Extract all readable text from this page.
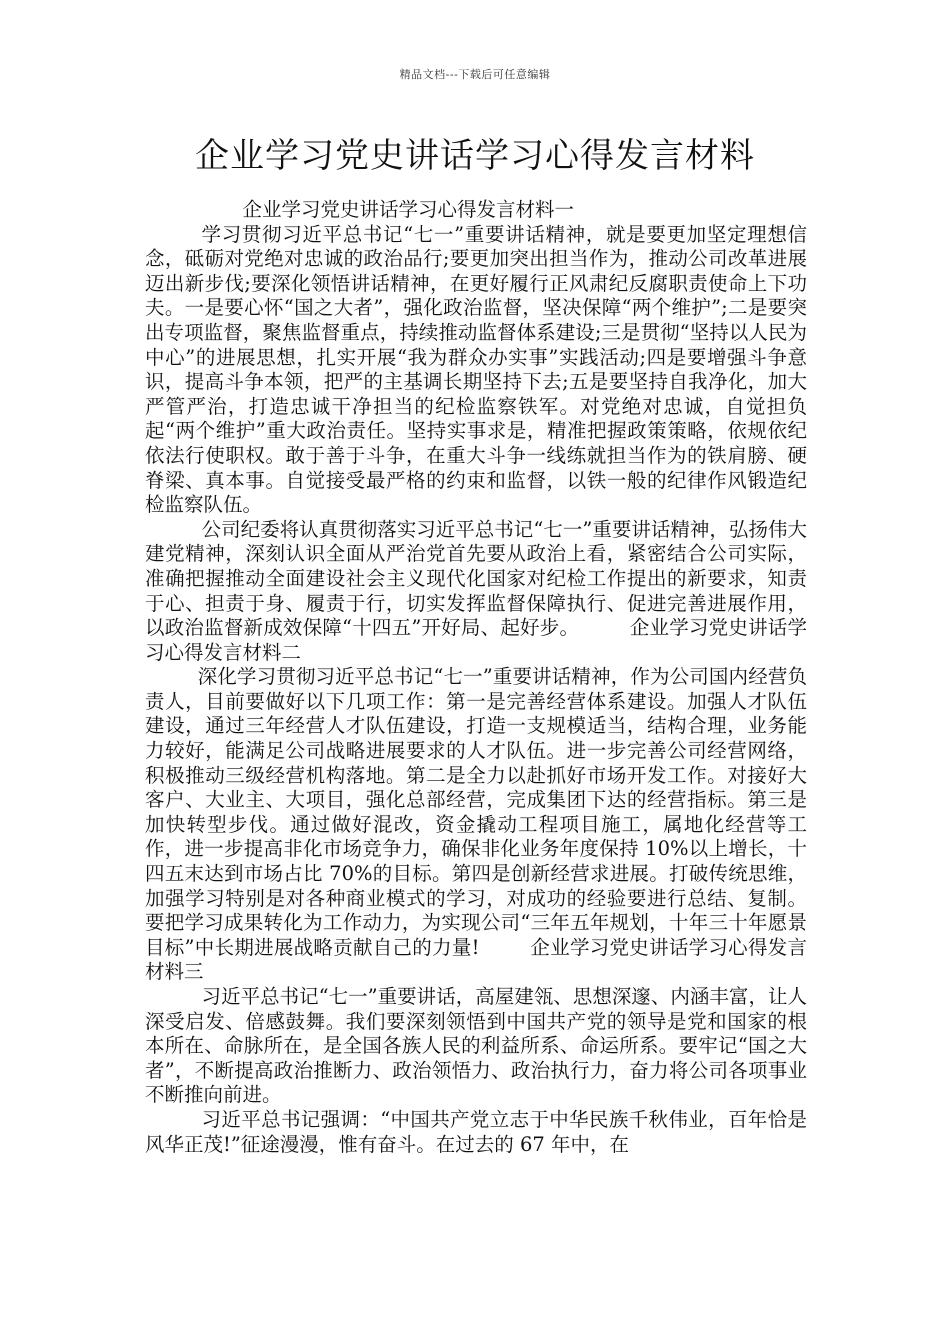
精品文档---下载后可任意编辑
企业学习党史讲话学习心得发言材料

企业学习党史讲话学习心得发言材料一

学习贯彻习近平总书记“七一”重要讲话精神，就是要更加坚定理想信念，砥砺对党绝对忠诚的政治品行;要更加突出担当作为，推动公司改革进展迈出新步伐;要深化领悟讲话精神，在更好履行正风肃纪反腐职责使命上下功夫。一是要心怀“国之大者”，强化政治监督，坚决保障“两个维护”;二是要突出专项监督，聚焦监督重点，持续推动监督体系建设;三是贯彻“坚持以人民为中心”的进展思想，扎实开展“我为群众办实事”实践活动;四是要增强斗争意识，提高斗争本领，把严的主基调长期坚持下去;五是要坚持自我净化，加大严管严治，打造忠诚干净担当的纪检监察铁军。对党绝对忠诚，自觉担负起“两个维护”重大政治责任。坚持实事求是，精准把握政策策略，依规依纪依法行使职权。敢于善于斗争，在重大斗争一线练就担当作为的铁肩膀、硬脊梁、真本事。自觉接受最严格的约束和监督，以铁一般的纪律作风锻造纪检监察队伍。

公司纪委将认真贯彻落实习近平总书记“七一”重要讲话精神，弘扬伟大建党精神，深刻认识全面从严治党首先要从政治上看，紧密结合公司实际，准确把握推动全面建设社会主义现代化国家对纪检工作提出的新要求，知责于心、担责于身、履责于行，切实发挥监督保障执行、促进完善进展作用，以政治监督新成效保障“十四五”开好局、起好步。	企业学习党史讲话学习心得发言材料二

深化学习贯彻习近平总书记“七一”重要讲话精神，作为公司国内经营负责人，目前要做好以下几项工作：第一是完善经营体系建设。加强人才队伍建设，通过三年经营人才队伍建设，打造一支规模适当，结构合理，业务能力较好，能满足公司战略进展要求的人才队伍。进一步完善公司经营网络，积极推动三级经营机构落地。第二是全力以赴抓好市场开发工作。对接好大客户、大业主、大项目，强化总部经营，完成集团下达的经营指标。第三是加快转型步伐。通过做好混改，资金撬动工程项目施工，属地化经营等工作，进一步提高非化市场竞争力，确保非化业务年度保持 10%以上增长，十四五末达到市场占比 70%的目标。第四是创新经营求进展。打破传统思维，加强学习特别是对各种商业模式的学习，对成功的经验要进行总结、复制。要把学习成果转化为工作动力，为实现公司“三年五年规划，十年三十年愿景目标”中长期进展战略贡献自己的力量!	企业学习党史讲话学习心得发言材料三

习近平总书记“七一”重要讲话，高屋建瓴、思想深邃、内涵丰富，让人深受启发、倍感鼓舞。我们要深刻领悟到中国共产党的领导是党和国家的根本所在、命脉所在，是全国各族人民的利益所系、命运所系。要牢记“国之大者”，不断提高政治推断力、政治领悟力、政治执行力，奋力将公司各项事业不断推向前进。

习近平总书记强调：“中国共产党立志于中华民族千秋伟业，百年恰是风华正茂!”征途漫漫，惟有奋斗。在过去的 67 年中，在
